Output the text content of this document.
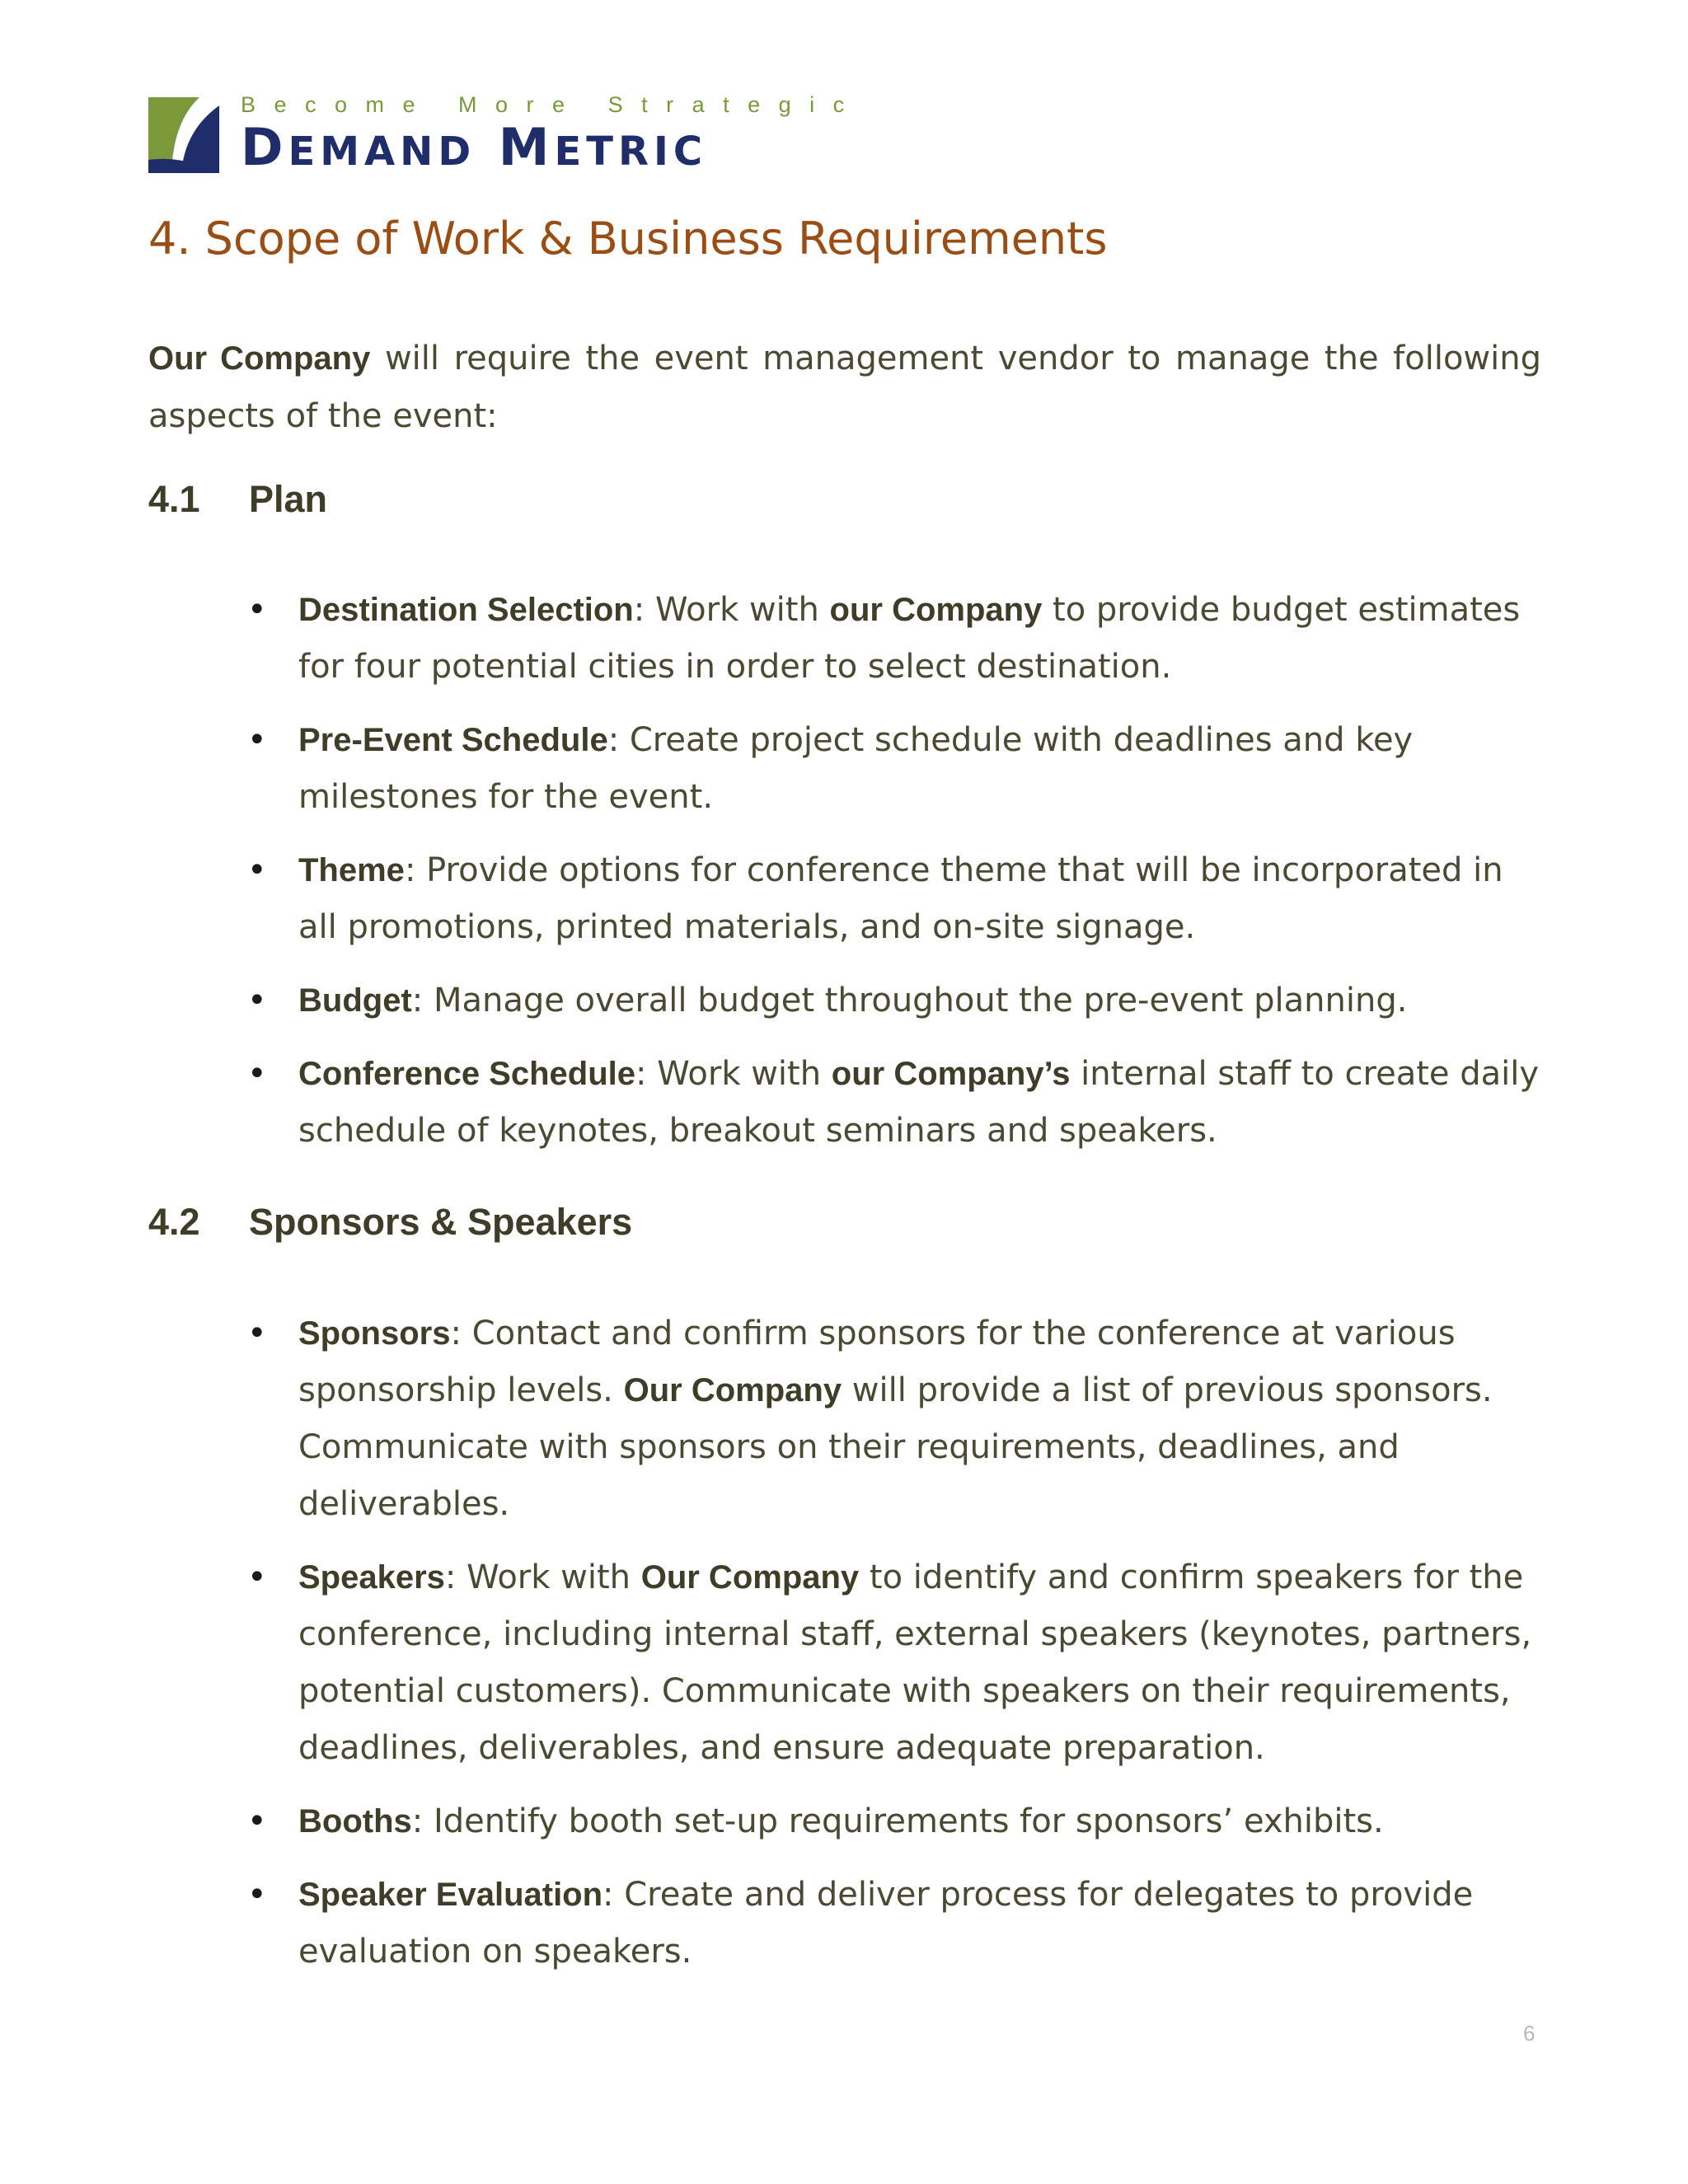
Become More Strategic
DEMAND METRIC
4. Scope of Work & Business Requirements
Our Company will require the event management vendor to manage the following aspects of the event:
4.1 Plan
• Destination Selection: Work with our Company to provide budget estimates for four potential cities in order to select destination.
• Pre-Event Schedule: Create project schedule with deadlines and key milestones for the event.
• Theme: Provide options for conference theme that will be incorporated in all promotions, printed materials, and on-site signage.
• Budget: Manage overall budget throughout the pre-event planning.
• Conference Schedule: Work with our Company’s internal staff to create daily schedule of keynotes, breakout seminars and speakers.
4.2 Sponsors & Speakers
• Sponsors: Contact and confirm sponsors for the conference at various sponsorship levels. Our Company will provide a list of previous sponsors. Communicate with sponsors on their requirements, deadlines, and deliverables.
• Speakers: Work with Our Company to identify and confirm speakers for the conference, including internal staff, external speakers (keynotes, partners, potential customers). Communicate with speakers on their requirements, deadlines, deliverables, and ensure adequate preparation.
• Booths: Identify booth set-up requirements for sponsors’ exhibits.
• Speaker Evaluation: Create and deliver process for delegates to provide evaluation on speakers.
6
